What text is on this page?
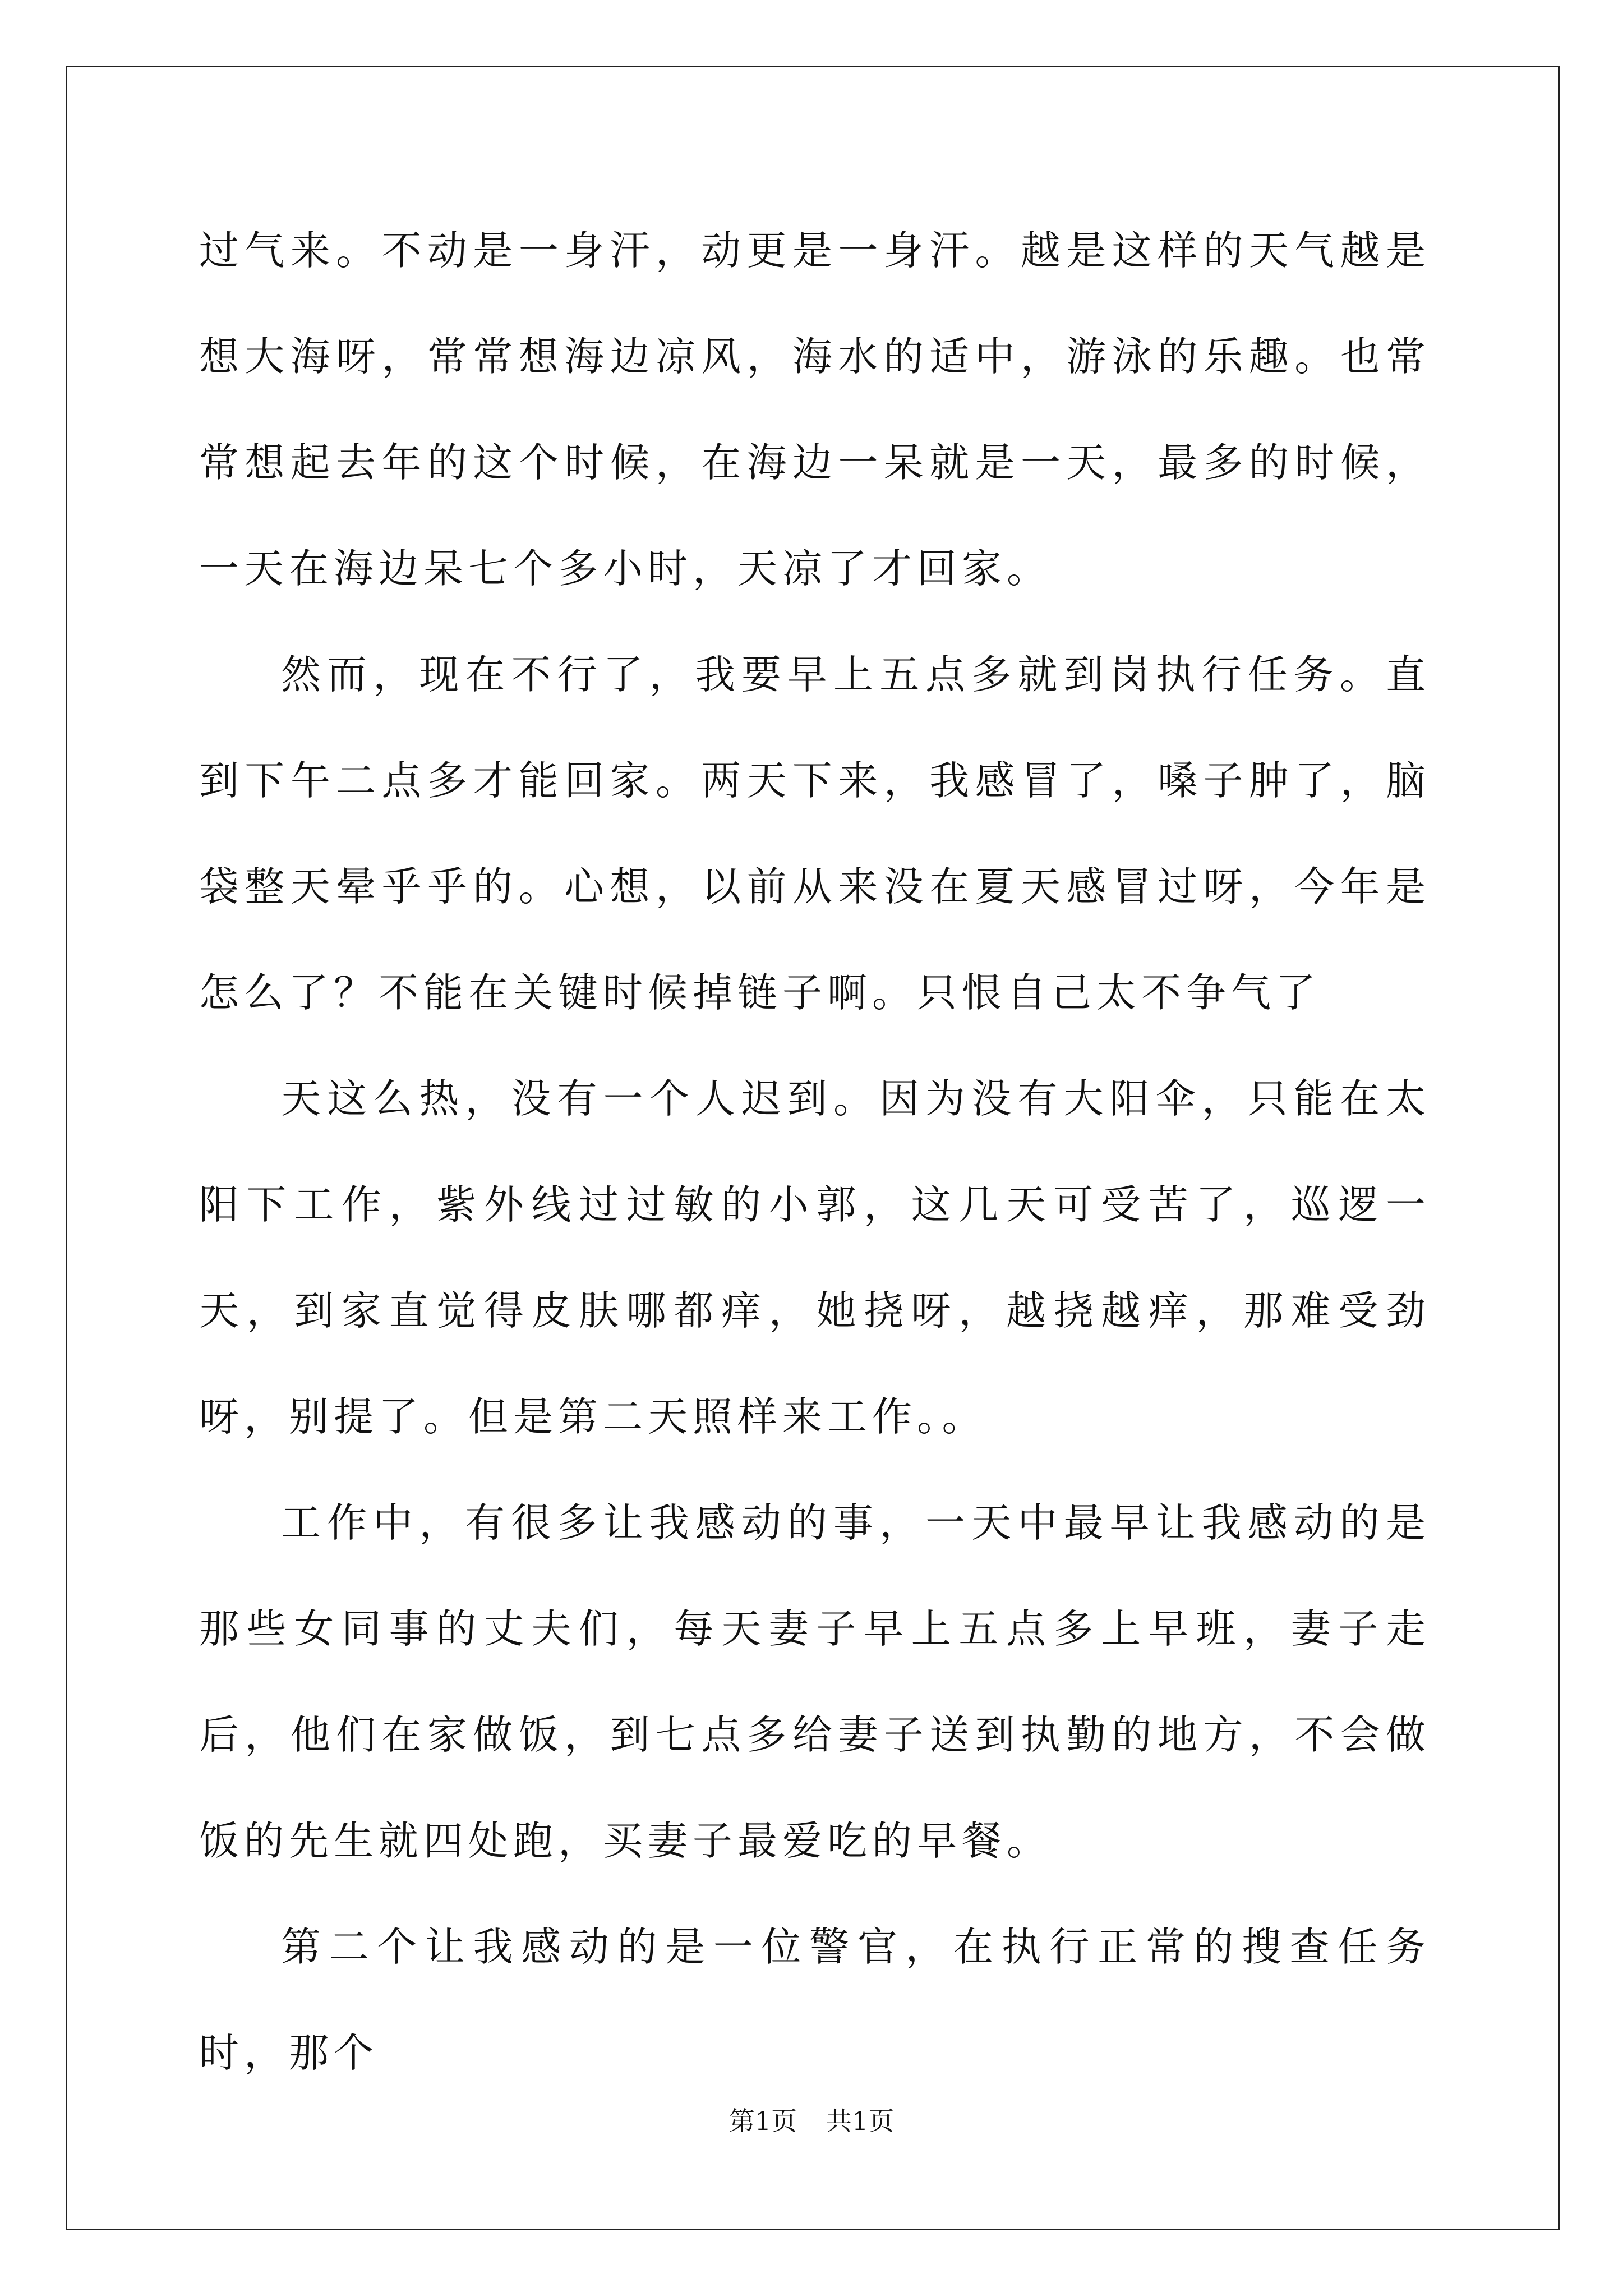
过气来。不动是一身汗，动更是一身汗。越是这样的天气越是想大海呀，常常想海边凉风，海水的适中，游泳的乐趣。也常常想起去年的这个时候，在海边一呆就是一天，最多的时候，一天在海边呆七个多小时，天凉了才回家。

然而，现在不行了，我要早上五点多就到岗执行任务。直到下午二点多才能回家。两天下来，我感冒了，嗓子肿了，脑袋整天晕乎乎的。心想，以前从来没在夏天感冒过呀，今年是怎么了？不能在关键时候掉链子啊。只恨自己太不争气了

天这么热，没有一个人迟到。因为没有大阳伞，只能在太阳下工作，紫外线过过敏的小郭，这几天可受苦了，巡逻一天，到家直觉得皮肤哪都痒，她挠呀，越挠越痒，那难受劲呀，别提了。但是第二天照样来工作。。

工作中，有很多让我感动的事，一天中最早让我感动的是那些女同事的丈夫们，每天妻子早上五点多上早班，妻子走后，他们在家做饭，到七点多给妻子送到执勤的地方，不会做饭的先生就四处跑，买妻子最爱吃的早餐。

第二个让我感动的是一位警官，在执行正常的搜查任务时，那个

第1页 共1页
